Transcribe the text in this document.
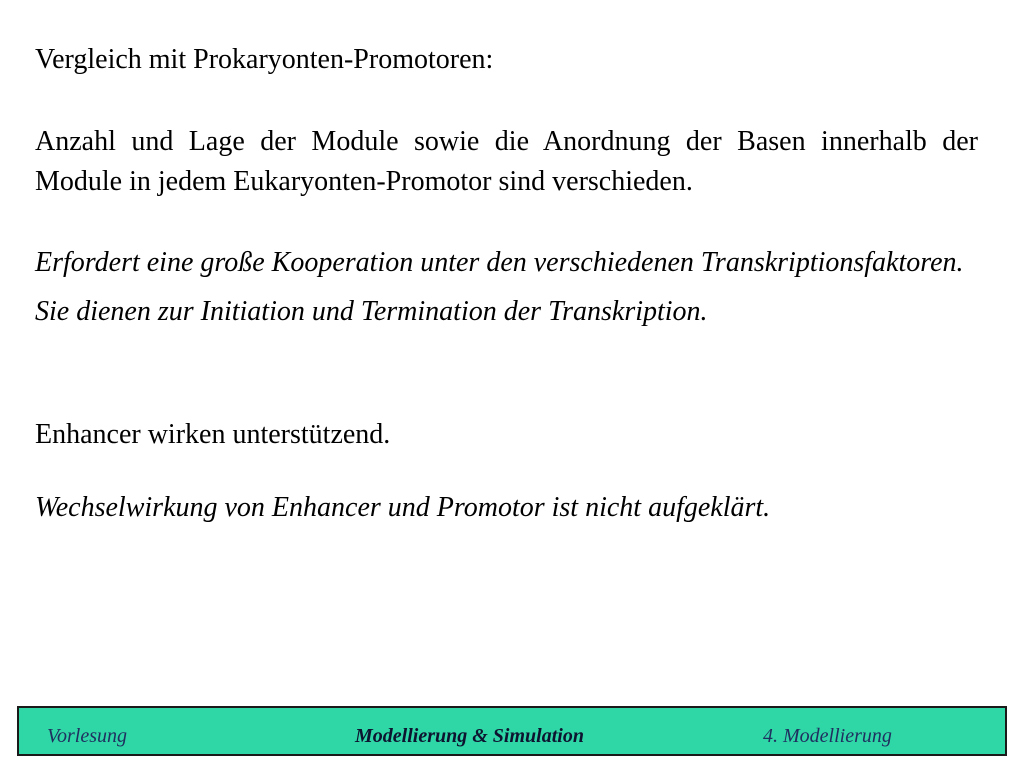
Vergleich mit Prokaryonten-Promotoren:

Anzahl und Lage der Module sowie die Anordnung der Basen innerhalb der Module in jedem Eukaryonten-Promotor sind verschieden.

Erfordert eine große Kooperation unter den verschiedenen Transkriptionsfaktoren.

Sie dienen zur Initiation und Termination der Transkription.

Enhancer wirken unterstützend.

Wechselwirkung von Enhancer und Promotor ist nicht aufgeklärt.

Vorlesung	Modellierung & Simulation	4. Modellierung
